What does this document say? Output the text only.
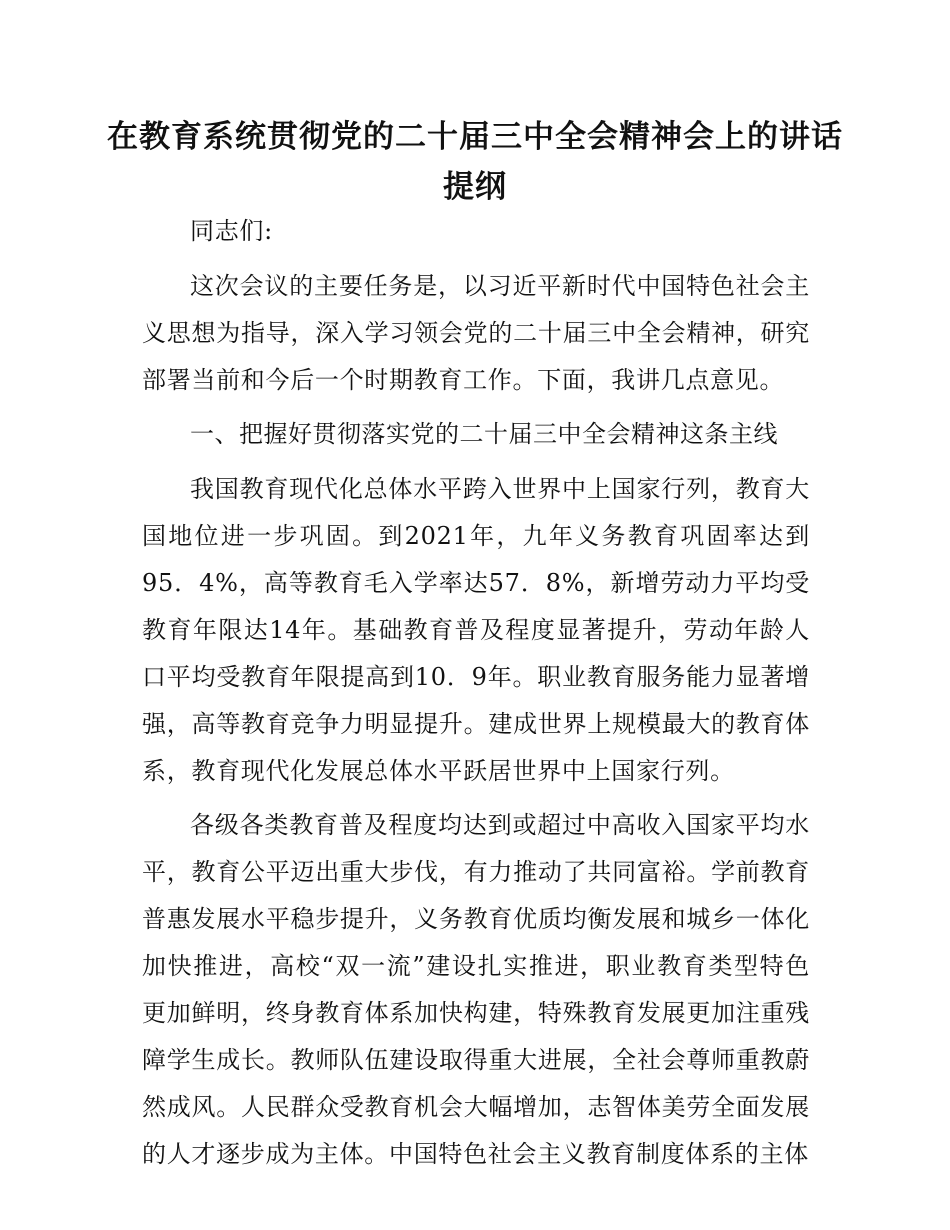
在教育系统贯彻党的二十届三中全会精神会上的讲话提纲

同志们:

这次会议的主要任务是，以习近平新时代中国特色社会主义思想为指导，深入学习领会党的二十届三中全会精神，研究部署当前和今后一个时期教育工作。下面，我讲几点意见。

一、把握好贯彻落实党的二十届三中全会精神这条主线

我国教育现代化总体水平跨入世界中上国家行列，教育大国地位进一步巩固。到2021年，九年义务教育巩固率达到95．4%，高等教育毛入学率达57．8%，新增劳动力平均受教育年限达14年。基础教育普及程度显著提升，劳动年龄人口平均受教育年限提高到10．9年。职业教育服务能力显著增强，高等教育竞争力明显提升。建成世界上规模最大的教育体系，教育现代化发展总体水平跃居世界中上国家行列。

各级各类教育普及程度均达到或超过中高收入国家平均水平，教育公平迈出重大步伐，有力推动了共同富裕。学前教育普惠发展水平稳步提升，义务教育优质均衡发展和城乡一体化加快推进，高校“双一流”建设扎实推进，职业教育类型特色更加鲜明，终身教育体系加快构建，特殊教育发展更加注重残障学生成长。教师队伍建设取得重大进展，全社会尊师重教蔚然成风。人民群众受教育机会大幅增加，志智体美劳全面发展的人才逐步成为主体。中国特色社会主义教育制度体系的主体
